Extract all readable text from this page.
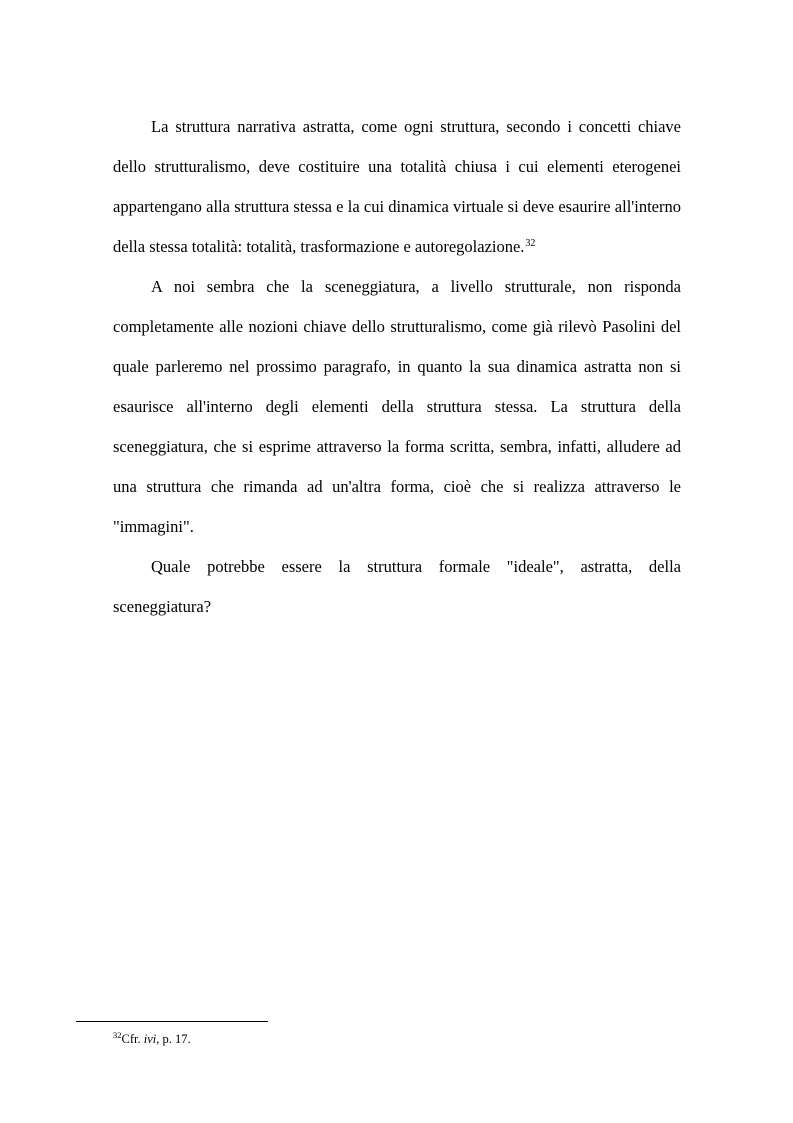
La struttura narrativa astratta, come ogni struttura, secondo i concetti chiave dello strutturalismo, deve costituire una totalità chiusa i cui elementi eterogenei appartengano alla struttura stessa e la cui dinamica virtuale si deve esaurire all'interno della stessa totalità: totalità, trasformazione e autoregolazione.$^{32}$

A noi sembra che la sceneggiatura, a livello strutturale, non risponda completamente alle nozioni chiave dello strutturalismo, come già rilevò Pasolini del quale parleremo nel prossimo paragrafo, in quanto la sua dinamica astratta non si esaurisce all'interno degli elementi della struttura stessa. La struttura della sceneggiatura, che si esprime attraverso la forma scritta, sembra, infatti, alludere ad una struttura che rimanda ad un'altra forma, cioè che si realizza attraverso le "immagini".

Quale potrebbe essere la struttura formale "ideale", astratta, della sceneggiatura?

$^{32}$Cfr. ivi, p. 17.
